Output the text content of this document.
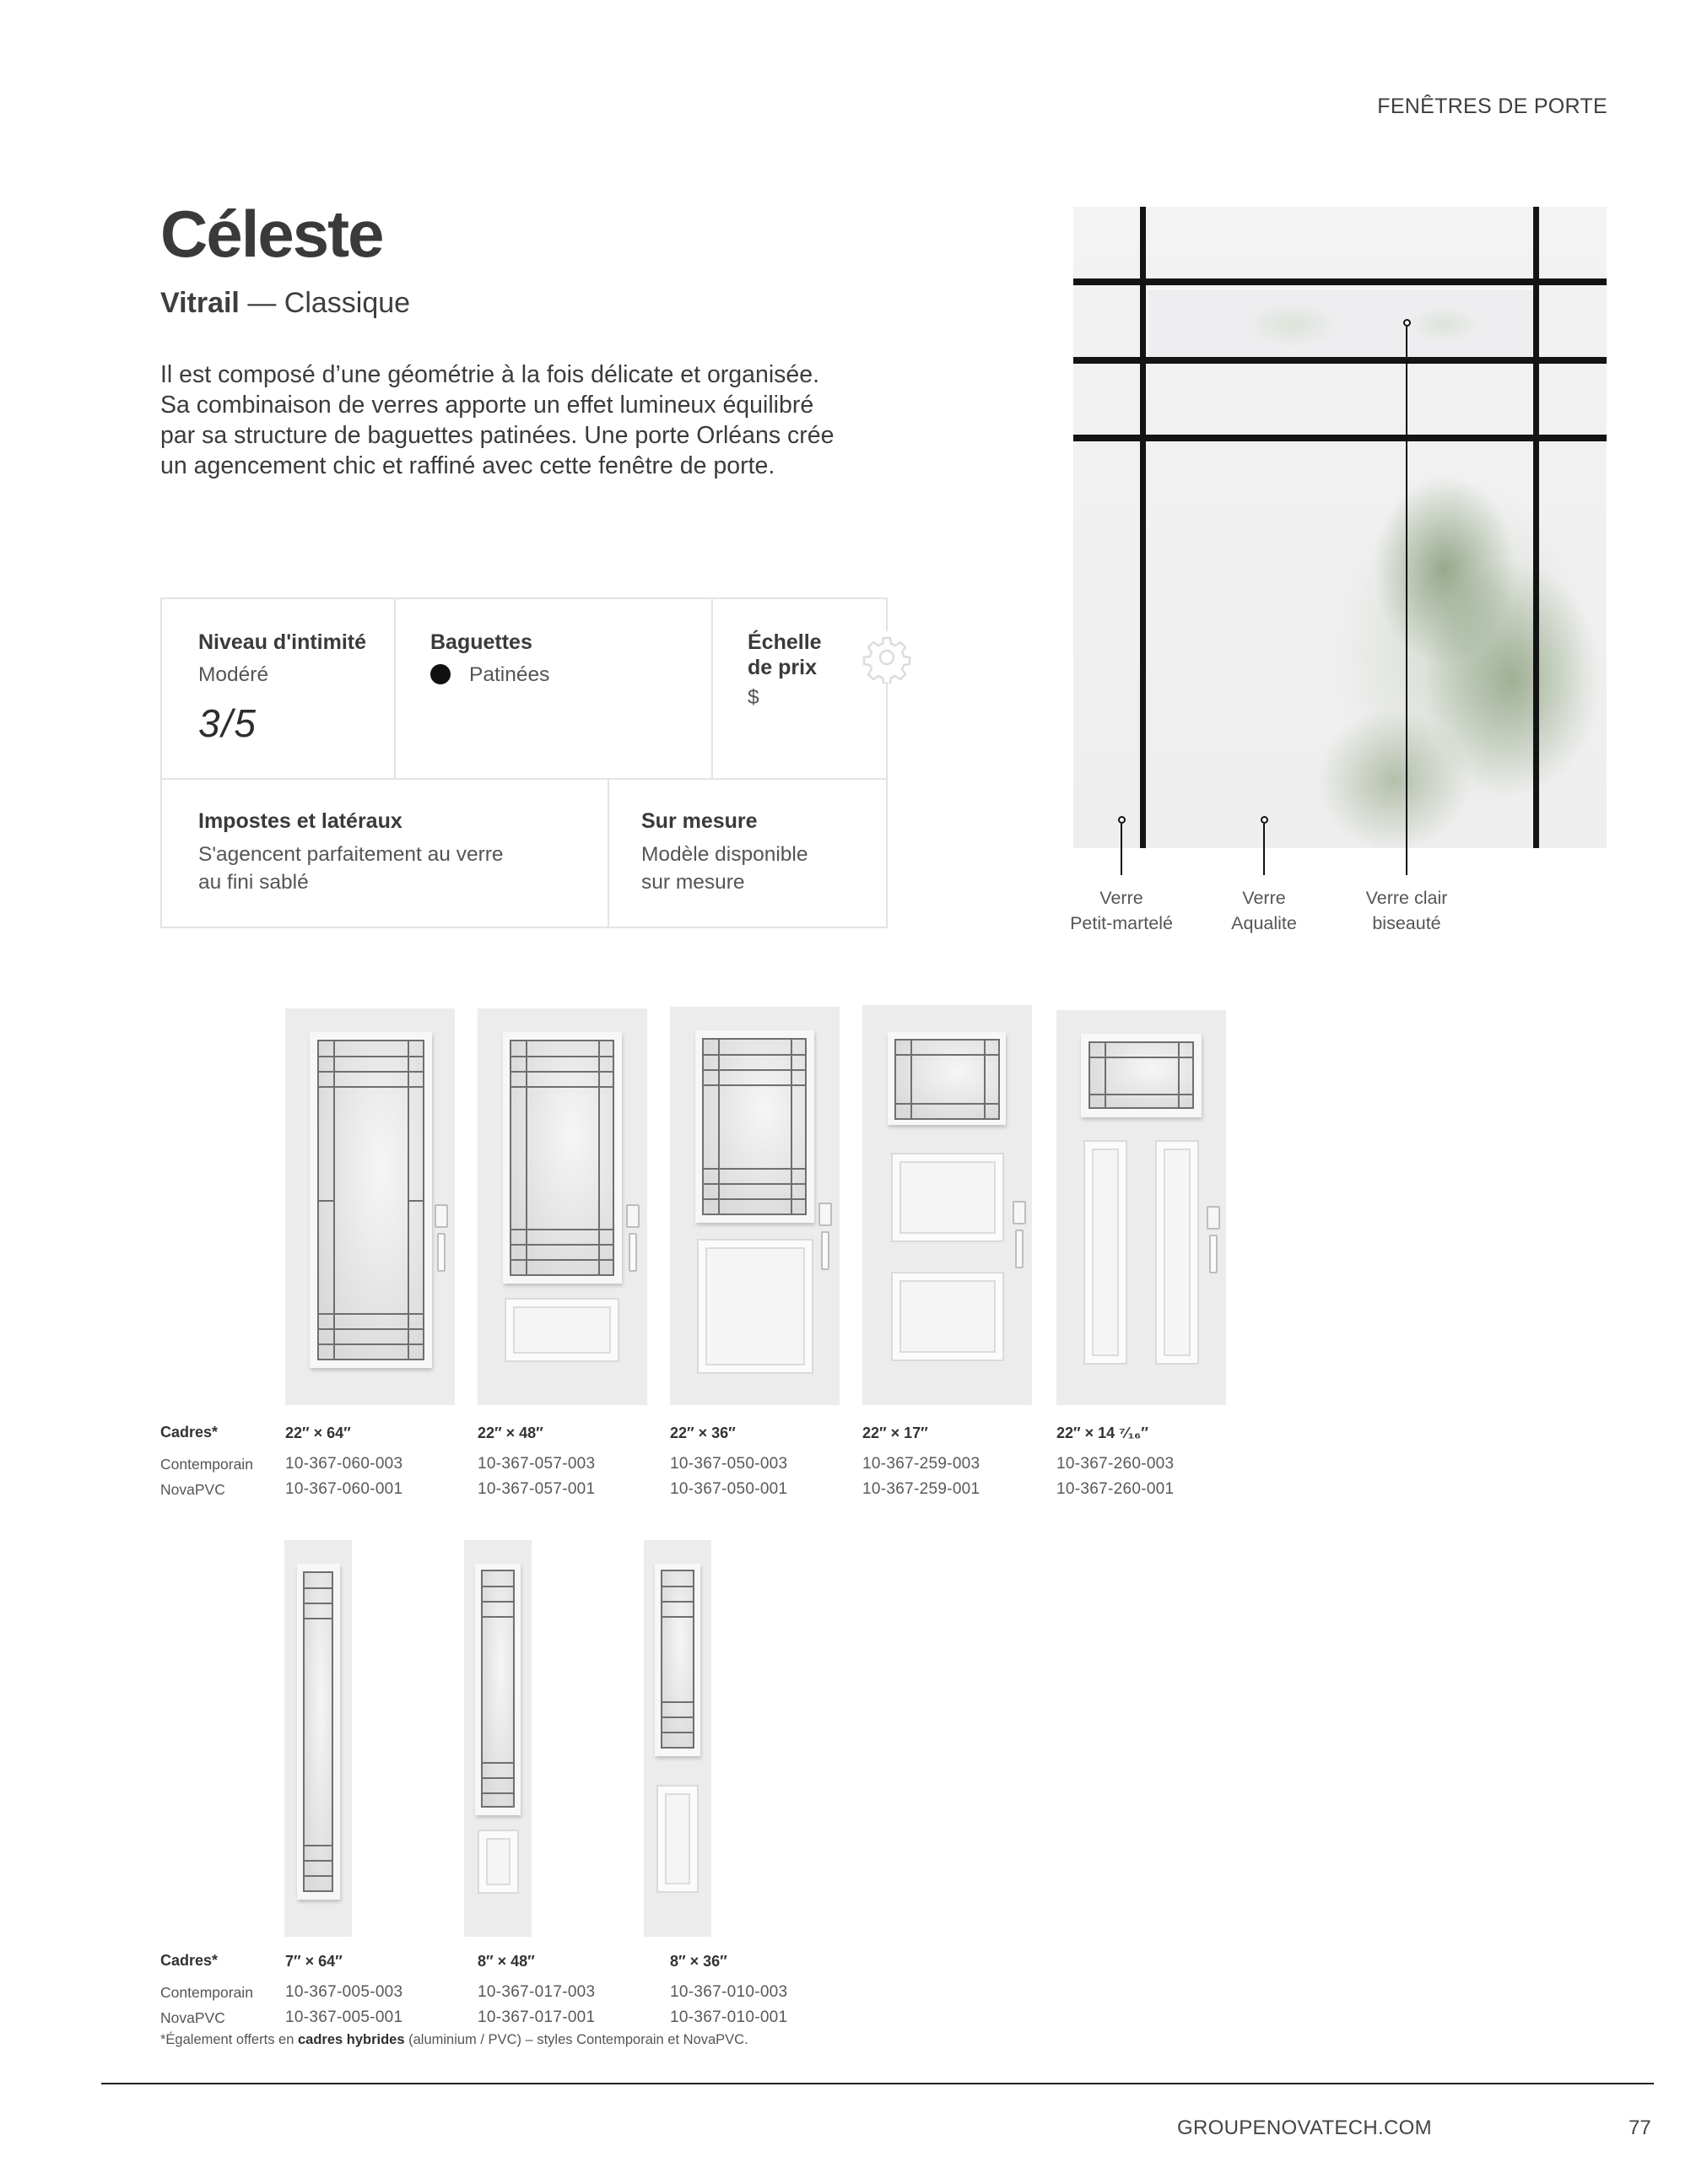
FENÊTRES DE PORTE
Céleste
Vitrail — Classique
Il est composé d’une géométrie à la fois délicate et organisée.
Sa combinaison de verres apporte un effet lumineux équilibré
par sa structure de baguettes patinées. Une porte Orléans crée
un agencement chic et raffiné avec cette fenêtre de porte.
Niveau d'intimité
Modéré
3/5
Baguettes
Patinées
Échelle
de prix
$
Impostes et latéraux
S'agencent parfaitement au verre
au fini sablé
Sur mesure
Modèle disponible
sur mesure
Verre
Petit-martelé
Verre
Aqualite
Verre clair
biseauté
Cadres*
Contemporain
NovaPVC
22″ × 64″
10-367-060-003
10-367-060-001
22″ × 48″
10-367-057-003
10-367-057-001
22″ × 36″
10-367-050-003
10-367-050-001
22″ × 17″
10-367-259-003
10-367-259-001
22″ × 14 ⁷⁄₁₆″
10-367-260-003
10-367-260-001
Cadres*
Contemporain
NovaPVC
7″ × 64″
10-367-005-003
10-367-005-001
8″ × 48″
10-367-017-003
10-367-017-001
8″ × 36″
10-367-010-003
10-367-010-001
*Également offerts en cadres hybrides (aluminium / PVC) – styles Contemporain et NovaPVC.
GROUPENOVATECH.COM	77
